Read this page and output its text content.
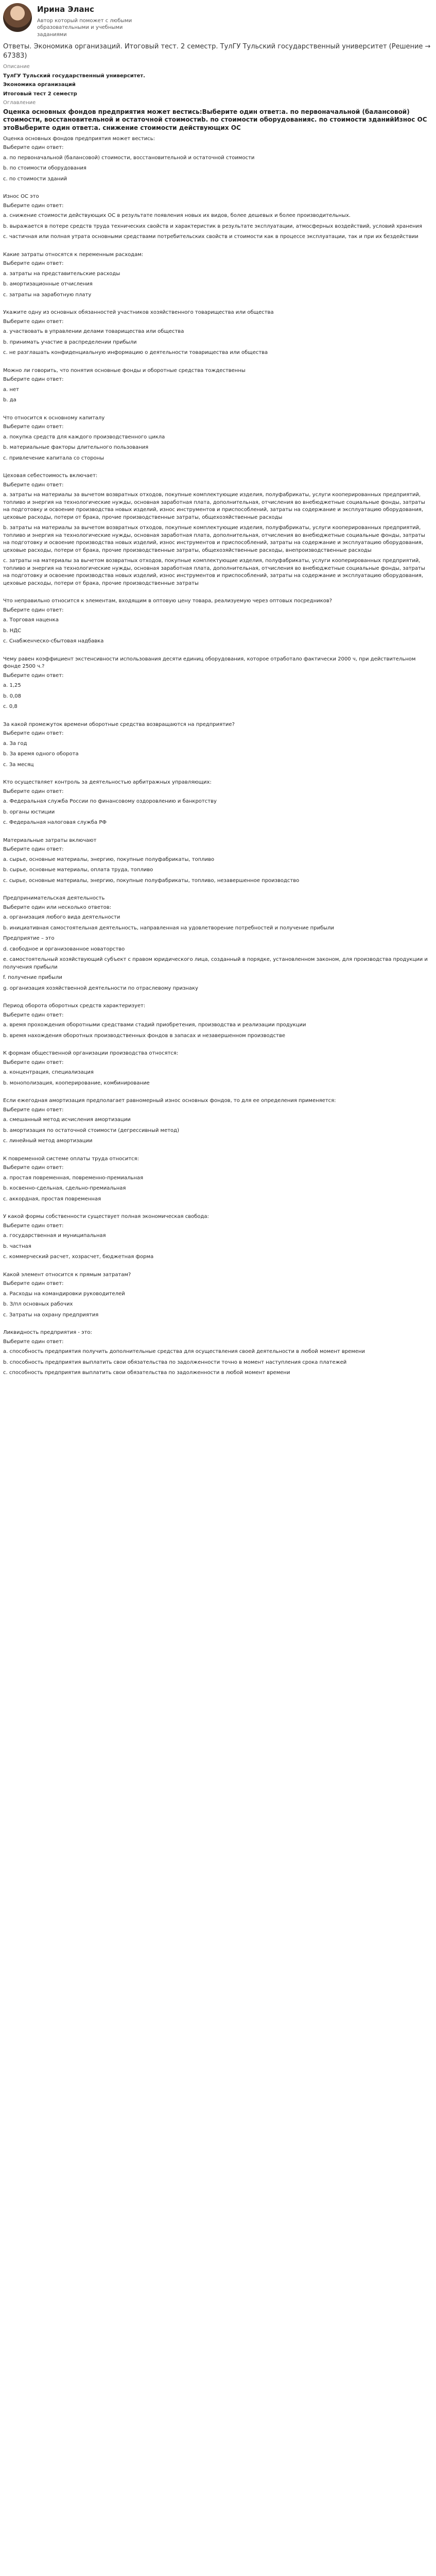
Ирина Эланс
Автор который поможет с любыми образовательными и учебными заданиями
Ответы. Экономика организаций. Итоговый тест. 2 семестр. ТулГУ Тульский государственный университет (Решение → 67383)
Описание
ТулГУ Тульский государственный университет.
Экономика организаций
Итоговый тест 2 семестр
Оглавление
Оценка основных фондов предприятия может вестись:Выберите один ответ:a. по первоначальной (балансовой) стоимости, восстановительной и остаточной стоимостиb. по стоимости оборудованияc. по стоимости зданийИзнос ОС этоВыберите один ответ:a. снижение стоимости действующих ОС
Оценка основных фондов предприятия может вестись:
Выберите один ответ:
a. по первоначальной (балансовой) стоимости, восстановительной и остаточной стоимости
b. по стоимости оборудования
c. по стоимости зданий
Износ ОС это
Выберите один ответ:
a. снижение стоимости действующих ОС в результате появления новых их видов, более дешевых и более производительных.
b. выражается в потере средств труда технических свойств и характеристик в результате эксплуатации, атмосферных воздействий, условий хранения
c. частичная или полная утрата основными средствами потребительских свойств и стоимости как в процессе эксплуатации, так и при их бездействии
Какие затраты относятся к переменным расходам:
Выберите один ответ:
a. затраты на представительские расходы
b. амортизационные отчисления
c. затраты на заработную плату
Укажите одну из основных обязанностей участников хозяйственного товарищества или общества
Выберите один ответ:
a. участвовать в управлении делами товарищества или общества
b. принимать участие в распределении прибыли
c. не разглашать конфиденциальную информацию о деятельности товарищества или общества
Можно ли говорить, что понятия основные фонды и оборотные средства тождественны
Выберите один ответ:
a. нет
b. да
Что относится к основному капиталу
Выберите один ответ:
a. покупка средств для каждого производственного цикла
b. материальные факторы длительного пользования
c. привлечение капитала со стороны
Цеховая себестоимость включает:
Выберите один ответ:
a. затраты на материалы за вычетом возвратных отходов, покупные комплектующие изделия, полуфабрикаты, услуги кооперированных предприятий, топливо и энергия на технологические нужды, основная заработная плата, дополнительная, отчисления во внебюджетные социальные фонды, затраты на подготовку и освоение производства новых изделий, износ инструментов и приспособлений, затраты на содержание и эксплуатацию оборудования, цеховые расходы, потери от брака, прочие производственные затраты, общехозяйственные расходы
b. затраты на материалы за вычетом возвратных отходов, покупные комплектующие изделия, полуфабрикаты, услуги кооперированных предприятий, топливо и энергия на технологические нужды, основная заработная плата, дополнительная, отчисления во внебюджетные социальные фонды, затраты на подготовку и освоение производства новых изделий, износ инструментов и приспособлений, затраты на содержание и эксплуатацию оборудования, цеховые расходы, потери от брака, прочие производственные затраты, общехозяйственные расходы, внепроизводственные расходы
c. затраты на материалы за вычетом возвратных отходов, покупные комплектующие изделия, полуфабрикаты, услуги кооперированных предприятий, топливо и энергия на технологические нужды, основная заработная плата, дополнительная, отчисления во внебюджетные социальные фонды, затраты на подготовку и освоение производства новых изделий, износ инструментов и приспособлений, затраты на содержание и эксплуатацию оборудования, цеховые расходы, потери от брака, прочие производственные затраты
Что неправильно относится к элементам, входящим в оптовую цену товара, реализуемую через оптовых посредников?
Выберите один ответ:
a. Торговая наценка
b. НДС
c. Снабженческо-сбытовая надбавка
Чему равен коэффициент экстенсивности использования десяти единиц оборудования, которое отработало фактически 2000 ч, при действительном фонде 2500 ч.?
Выберите один ответ:
a. 1,25
b. 0,08
c. 0,8
За какой промежуток времени оборотные средства возвращаются на предприятие?
Выберите один ответ:
a. За год
b. За время одного оборота
c. За месяц
Кто осуществляет контроль за деятельностью арбитражных управляющих:
Выберите один ответ:
a. Федеральная служба России по финансовому оздоровлению и банкротству
b. органы юстиции
c. Федеральная налоговая служба РФ
Материальные затраты включают
Выберите один ответ:
a. сырье, основные материалы, энергию, покупные полуфабрикаты, топливо
b. сырье, основные материалы, оплата труда, топливо
c. сырье, основные материалы, энергию, покупные полуфабрикаты, топливо, незавершенное производство
Предпринимательская деятельность
Выберите один или несколько ответов:
a. организация любого вида деятельности
b. инициативная самостоятельная деятельность, направленная на удовлетворение потребностей и получение прибыли
Предприятие – это
d. свободное и организованное новаторство
e. самостоятельный хозяйствующий субъект с правом юридического лица, созданный в порядке, установленном законом, для производства продукции и получения прибыли
f. получение прибыли
g. организация хозяйственной деятельности по отраслевому признаку
Период оборота оборотных средств характеризует:
Выберите один ответ:
a. время прохождения оборотными средствами стадий приобретения, производства и реализации продукции
b. время нахождения оборотных производственных фондов в запасах и незавершенном производстве
К формам общественной организации производства относятся:
Выберите один ответ:
a. концентрация, специализация
b. монополизация, кооперирование, комбинирование
Если ежегодная амортизация предполагает равномерный износ основных фондов, то для ее определения применяется:
Выберите один ответ:
a. смешанный метод исчисления амортизации
b. амортизация по остаточной стоимости (дегрессивный метод)
c. линейный метод амортизации
К повременной системе оплаты труда относится:
Выберите один ответ:
a. простая повременная, повременно-премиальная
b. косвенно-сдельная, сдельно-премиальная
c. аккордная, простая повременная
У какой формы собственности существует полная экономическая свобода:
Выберите один ответ:
a. государственная и муниципальная
b. частная
c. коммерческий расчет, хозрасчет, бюджетная форма
Какой элемент относится к прямым затратам?
Выберите один ответ:
a. Расходы на командировки руководителей
b. З/пл основных рабочих
c. Затраты на охрану предприятия
Ликвидность предприятия - это:
Выберите один ответ:
a. способность предприятия получить дополнительные средства для осуществления своей деятельности в любой момент времени
b. способность предприятия выплатить свои обязательства по задолженности точно в момент наступления срока платежей
c. способность предприятия выплатить свои обязательства по задолженности в любой момент времени
